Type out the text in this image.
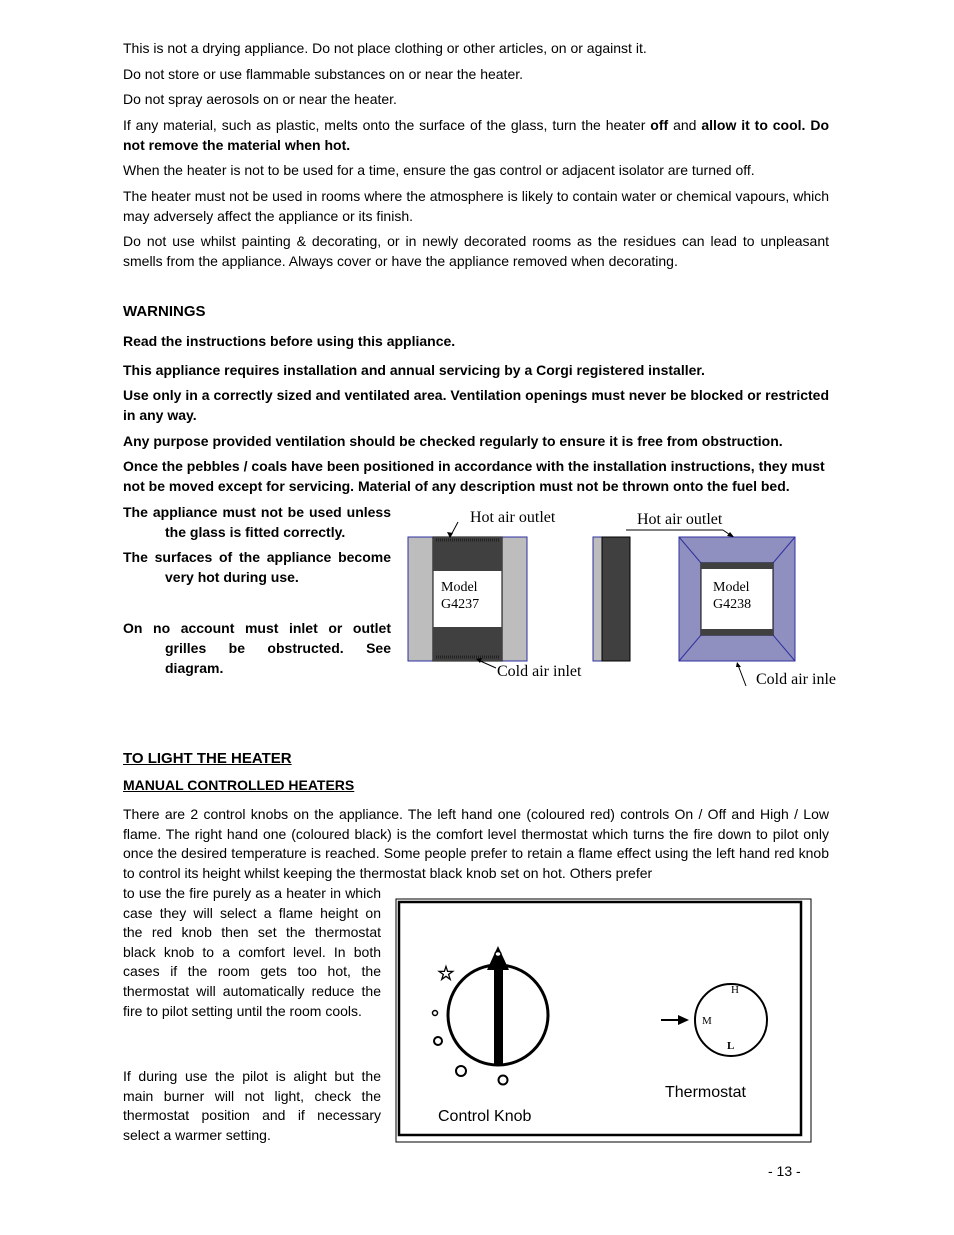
This is not a drying appliance. Do not place clothing or other articles, on or against it.

Do not store or use flammable substances on or near the heater.

Do not spray aerosols on or near the heater.

If any material, such as plastic, melts onto the surface of the glass, turn the heater off and allow it to cool. Do not remove the material when hot.

When the heater is not to be used for a time, ensure the gas control or adjacent isolator are turned off.

The heater must not be used in rooms where the atmosphere is likely to contain water or chemical vapours, which may adversely affect the appliance or its finish.

Do not use whilst painting & decorating, or in newly decorated rooms as the residues can lead to unpleasant smells from the appliance. Always cover or have the appliance removed when decorating.

WARNINGS

Read the instructions before using this appliance.

This appliance requires installation and annual servicing by a Corgi registered installer.

Use only in a correctly sized and ventilated area. Ventilation openings must never be blocked or restricted in any way.

Any purpose provided ventilation should be checked regularly to ensure it is free from obstruction.

Once the pebbles / coals have been positioned in accordance with the installation instructions, they must not be moved except for servicing. Material of any description must not be thrown onto the fuel bed.

The appliance must not be used unless the glass is fitted correctly.

The surfaces of the appliance become very hot during use.

On no account must inlet or outlet grilles be obstructed. See diagram.

Model
G4237
Hot air outlet
Cold air inlet
Model
G4238
Hot air outlet
Cold air inle

TO LIGHT THE HEATER

MANUAL CONTROLLED HEATERS

There are 2 control knobs on the appliance. The left hand one (coloured red) controls On / Off and High / Low flame. The right hand one (coloured black) is the comfort level thermostat which turns the fire down to pilot only once the desired temperature is reached. Some people prefer to retain a flame effect using the left hand red knob to control its height whilst keeping the thermostat black knob set on hot. Others prefer

to use the fire purely as a heater in which case they will select a flame height on the red knob then set the thermostat black knob to a comfort level. In both cases if the room gets too hot, the thermostat will automatically reduce the fire to pilot setting until the room cools.

If during use the pilot is alight but the main burner will not light, check the thermostat position and if necessary select a warmer setting.

☆
Control Knob
H
M
L
Thermostat
- 13 -
